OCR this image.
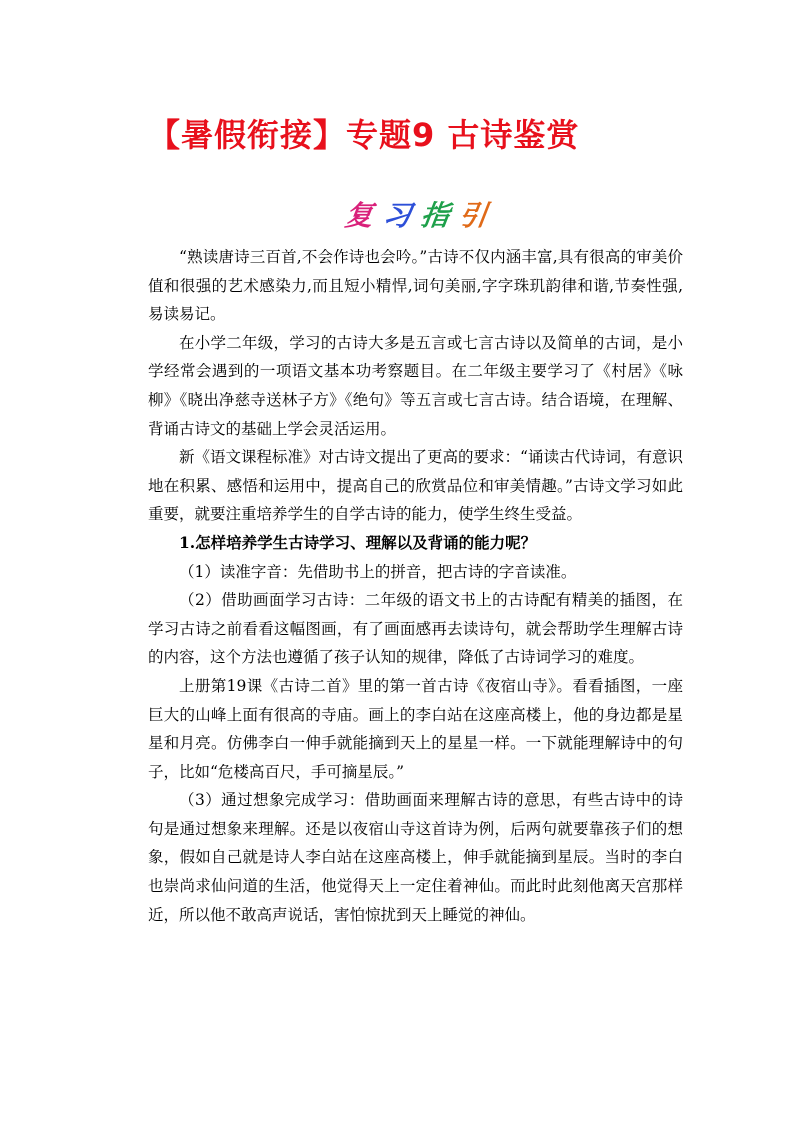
【暑假衔接】专题9 古诗鉴赏
复 习 指 引

“熟读唐诗三百首,不会作诗也会吟。”古诗不仅内涵丰富,具有很高的审美价值和很强的艺术感染力,而且短小精悍,词句美丽,字字珠玑韵律和谐,节奏性强,易读易记。

在小学二年级，学习的古诗大多是五言或七言古诗以及简单的古词，是小学经常会遇到的一项语文基本功考察题目。在二年级主要学习了《村居》《咏柳》《晓出净慈寺送林子方》《绝句》等五言或七言古诗。结合语境，在理解、背诵古诗文的基础上学会灵活运用。

新《语文课程标准》对古诗文提出了更高的要求：“诵读古代诗词，有意识地在积累、感悟和运用中，提高自己的欣赏品位和审美情趣。”古诗文学习如此重要，就要注重培养学生的自学古诗的能力，使学生终生受益。

1.怎样培养学生古诗学习、理解以及背诵的能力呢？

（1）读准字音：先借助书上的拼音，把古诗的字音读准。

（2）借助画面学习古诗：二年级的语文书上的古诗配有精美的插图，在学习古诗之前看看这幅图画，有了画面感再去读诗句，就会帮助学生理解古诗的内容，这个方法也遵循了孩子认知的规律，降低了古诗词学习的难度。

上册第19课《古诗二首》里的第一首古诗《夜宿山寺》。看看插图，一座巨大的山峰上面有很高的寺庙。画上的李白站在这座高楼上，他的身边都是星星和月亮。仿佛李白一伸手就能摘到天上的星星一样。一下就能理解诗中的句子，比如“危楼高百尺，手可摘星辰。”

（3）通过想象完成学习：借助画面来理解古诗的意思，有些古诗中的诗句是通过想象来理解。还是以夜宿山寺这首诗为例，后两句就要靠孩子们的想象，假如自己就是诗人李白站在这座高楼上，伸手就能摘到星辰。当时的李白也崇尚求仙问道的生活，他觉得天上一定住着神仙。而此时此刻他离天宫那样近，所以他不敢高声说话，害怕惊扰到天上睡觉的神仙。
